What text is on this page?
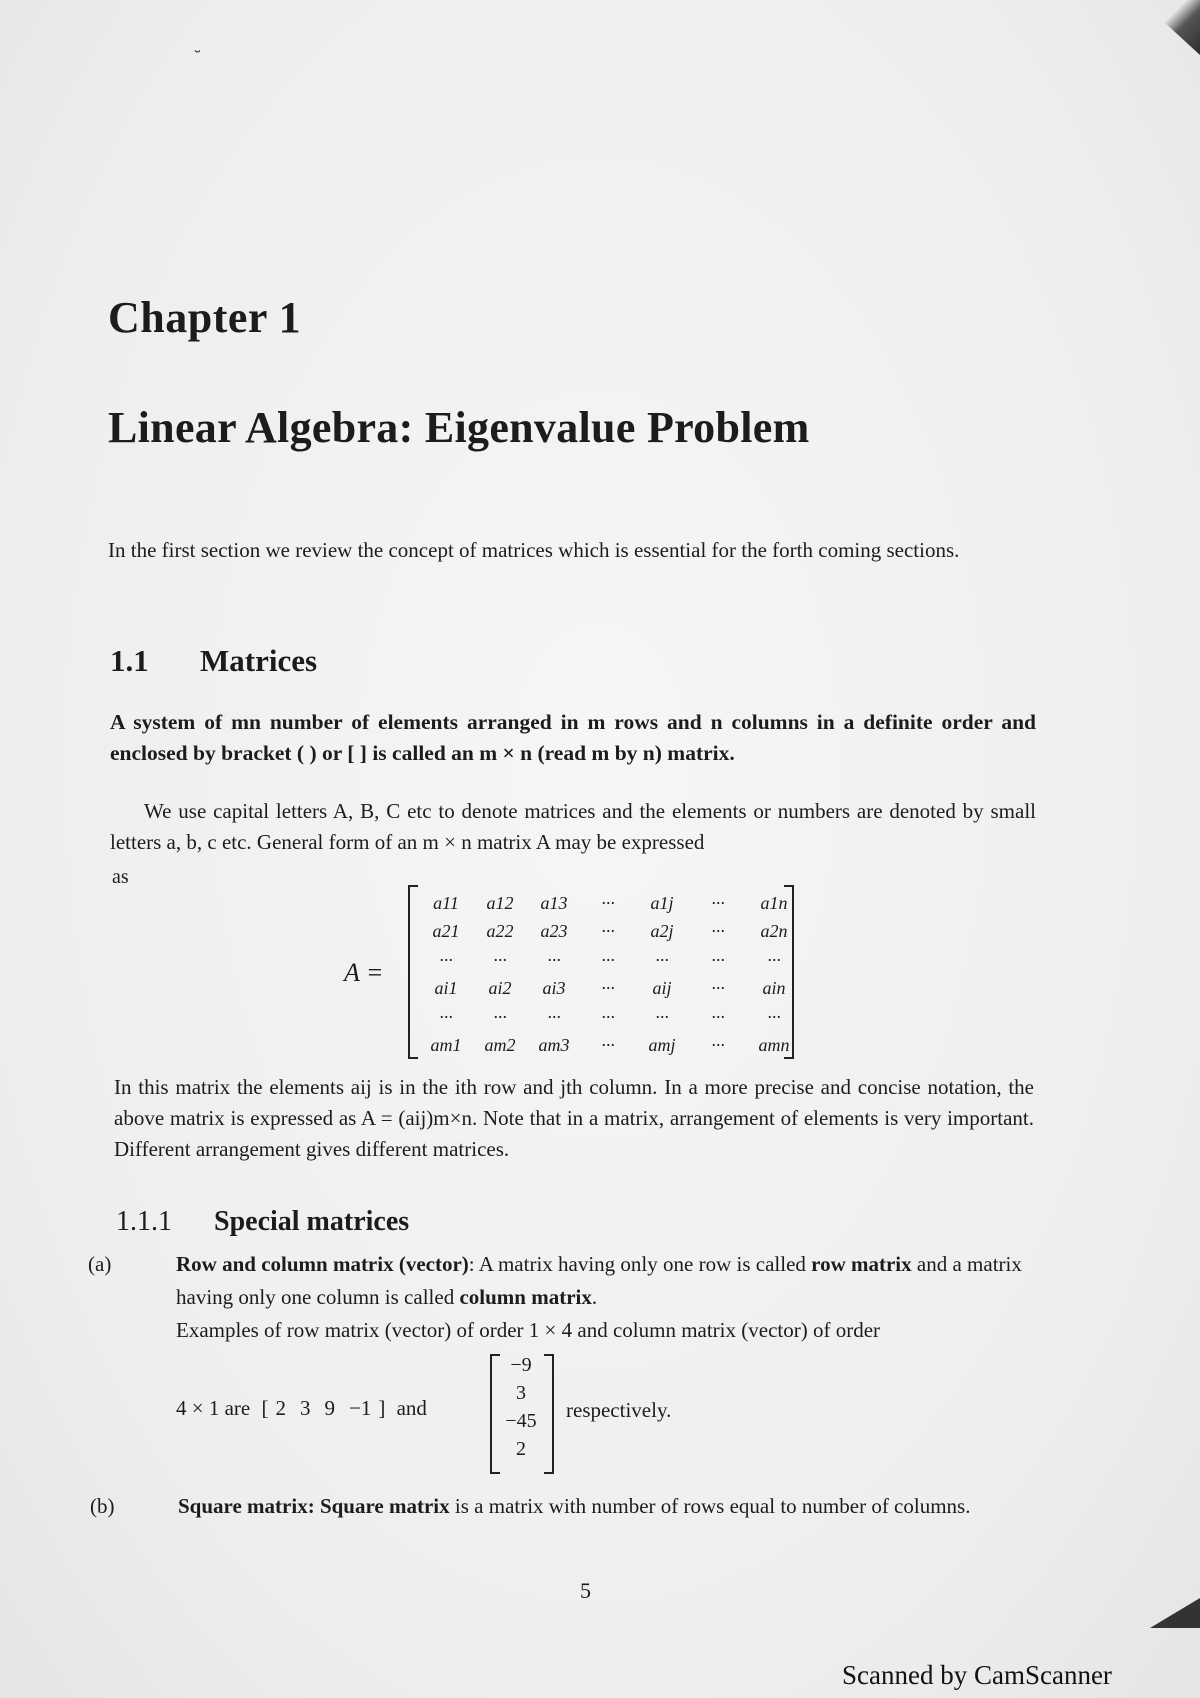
˘
Chapter 1
Linear Algebra: Eigenvalue Problem
In the first section we review the concept of matrices which is essential for the forth coming sections.
1.1 Matrices
A system of mn number of elements arranged in m rows and n columns in a definite order and enclosed by bracket ( ) or [ ] is called an m × n (read m by n) matrix.
We use capital letters A, B, C etc to denote matrices and the elements or numbers are denoted by small letters a, b, c etc. General form of an m × n matrix A may be expressed
as
A =
a11	a12	a13	···	a1j	···	a1n
a21	a22	a23	···	a2j	···	a2n
···	···	···	···	···	···	···
ai1	ai2	ai3	···	aij	···	ain
···	···	···	···	···	···	···
am1	am2	am3	···	amj	···	amn
In this matrix the elements aij is in the ith row and jth column. In a more precise and concise notation, the above matrix is expressed as A = (aij)m×n. Note that in a matrix, arrangement of elements is very important. Different arrangement gives different matrices.
1.1.1 Special matrices
(a)	Row and column matrix (vector): A matrix having only one row is called row matrix and a matrix having only one column is called column matrix.
Examples of row matrix (vector) of order 1 × 4 and column matrix (vector) of order
4 × 1 are [ 2 3 9 −1 ] and
−9
3
−45
2
respectively.
(b)	Square matrix: Square matrix is a matrix with number of rows equal to number of columns.
5
Scanned by CamScanner
